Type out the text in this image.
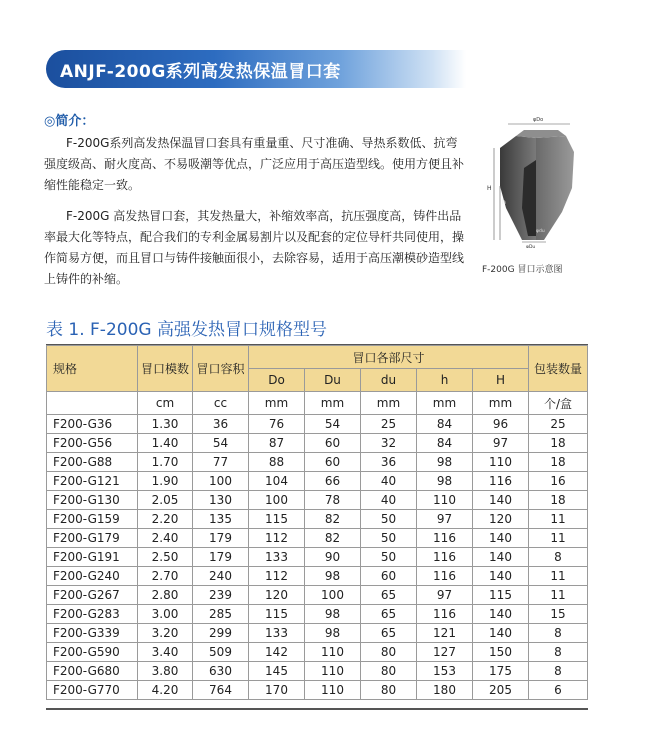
ANJF-200G系列高发热保温冒口套
◎简介：
F-200G系列高发热保温冒口套具有重量重、尺寸准确、导热系数低、抗弯强度级高、耐火度高、不易吸潮等优点，广泛应用于高压造型线。使用方便且补缩性能稳定一致。
F-200G 高发热冒口套，其发热量大，补缩效率高，抗压强度高，铸件出品率最大化等特点，配合我们的专利金属易割片以及配套的定位导杆共同使用，操作简易方便，而且冒口与铸件接触面很小，去除容易，适用于高压潮模砂造型线上铸件的补缩。
φDo
H
h
φdu
φDu
F-200G 冒口示意图
表 1. F-200G 高强发热冒口规格型号
规格	冒口模数	冒口容积	冒口各部尺寸					包装数量
			Do	Du	du	h	H	
	cm	cc	mm	mm	mm	mm	mm	个/盒
F200-G36	1.30	36	76	54	25	84	96	25
F200-G56	1.40	54	87	60	32	84	97	18
F200-G88	1.70	77	88	60	36	98	110	18
F200-G121	1.90	100	104	66	40	98	116	16
F200-G130	2.05	130	100	78	40	110	140	18
F200-G159	2.20	135	115	82	50	97	120	11
F200-G179	2.40	179	112	82	50	116	140	11
F200-G191	2.50	179	133	90	50	116	140	8
F200-G240	2.70	240	112	98	60	116	140	11
F200-G267	2.80	239	120	100	65	97	115	11
F200-G283	3.00	285	115	98	65	116	140	15
F200-G339	3.20	299	133	98	65	121	140	8
F200-G590	3.40	509	142	110	80	127	150	8
F200-G680	3.80	630	145	110	80	153	175	8
F200-G770	4.20	764	170	110	80	180	205	6
